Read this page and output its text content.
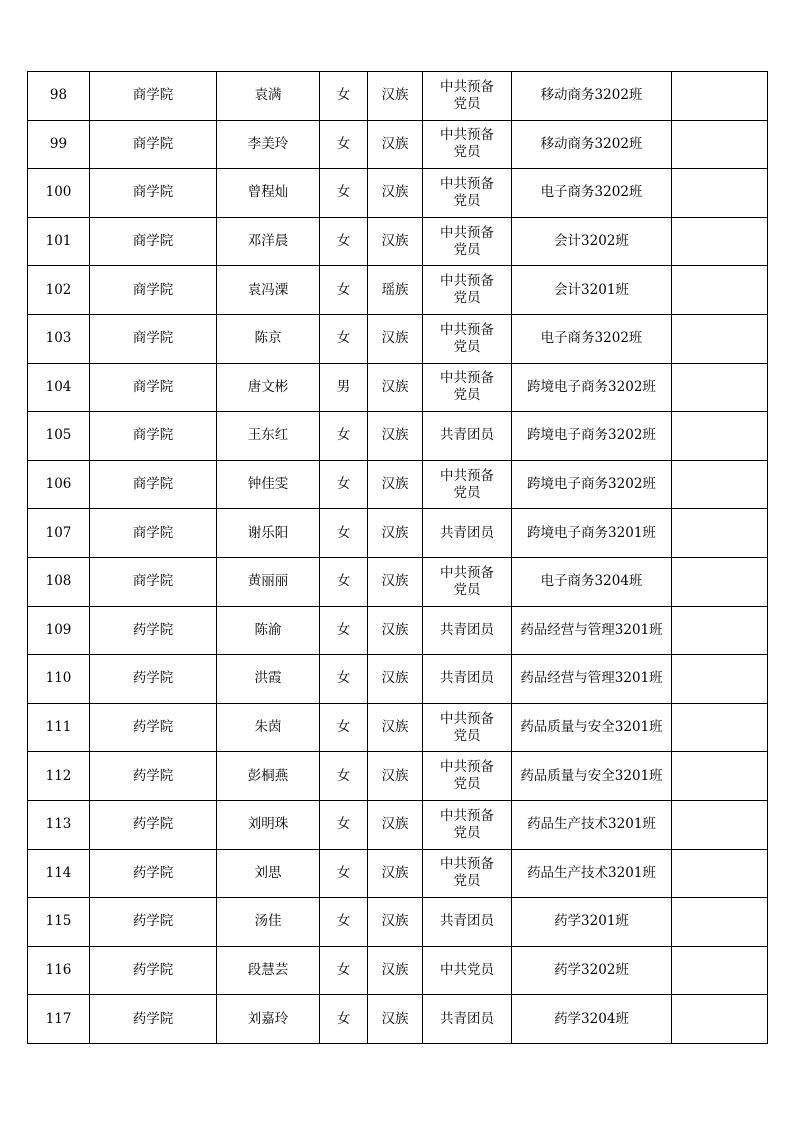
98	商学院	袁满	女	汉族	中共预备党员	移动商务3202班	
99	商学院	李美玲	女	汉族	中共预备党员	移动商务3202班	
100	商学院	曾程灿	女	汉族	中共预备党员	电子商务3202班	
101	商学院	邓洋晨	女	汉族	中共预备党员	会计3202班	
102	商学院	袁冯溧	女	瑶族	中共预备党员	会计3201班	
103	商学院	陈京	女	汉族	中共预备党员	电子商务3202班	
104	商学院	唐文彬	男	汉族	中共预备党员	跨境电子商务3202班	
105	商学院	王东红	女	汉族	共青团员	跨境电子商务3202班	
106	商学院	钟佳雯	女	汉族	中共预备党员	跨境电子商务3202班	
107	商学院	谢乐阳	女	汉族	共青团员	跨境电子商务3201班	
108	商学院	黄丽丽	女	汉族	中共预备党员	电子商务3204班	
109	药学院	陈渝	女	汉族	共青团员	药品经营与管理3201班	
110	药学院	洪霞	女	汉族	共青团员	药品经营与管理3201班	
111	药学院	朱茵	女	汉族	中共预备党员	药品质量与安全3201班	
112	药学院	彭桐燕	女	汉族	中共预备党员	药品质量与安全3201班	
113	药学院	刘明珠	女	汉族	中共预备党员	药品生产技术3201班	
114	药学院	刘思	女	汉族	中共预备党员	药品生产技术3201班	
115	药学院	汤佳	女	汉族	共青团员	药学3201班	
116	药学院	段慧芸	女	汉族	中共党员	药学3202班	
117	药学院	刘嘉玲	女	汉族	共青团员	药学3204班	
